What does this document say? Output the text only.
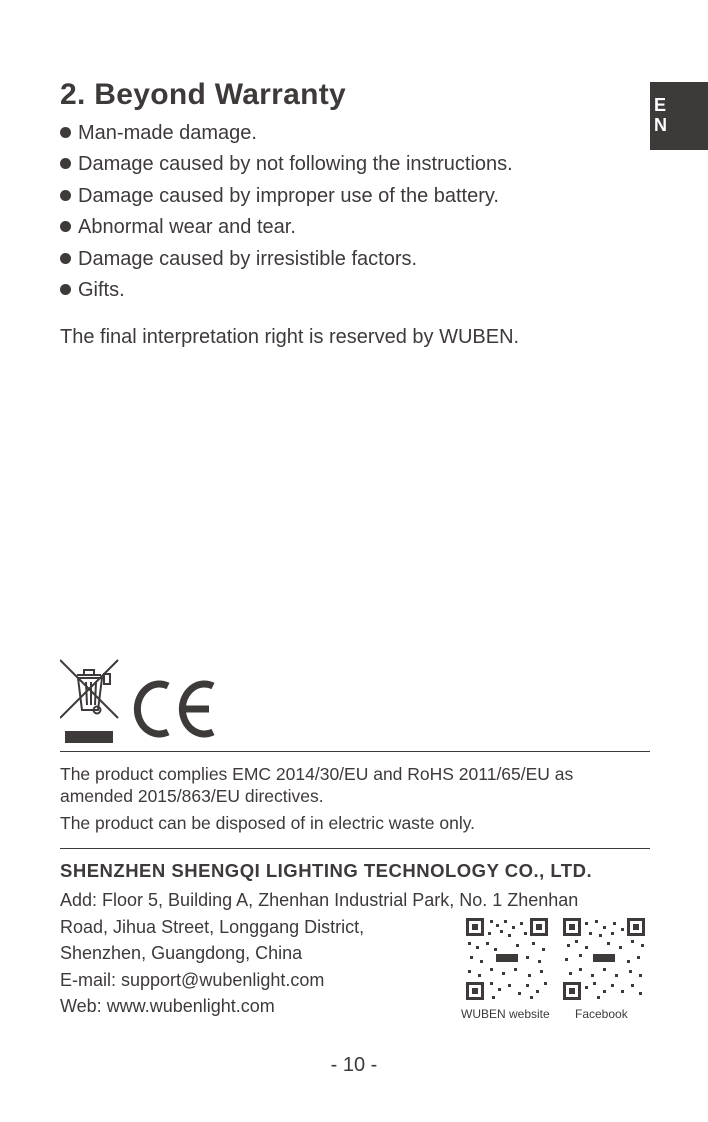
E
N
2. Beyond Warranty
Man-made damage.
Damage caused by not following the instructions.
Damage caused by improper use of the battery.
Abnormal wear and tear.
Damage caused by irresistible factors.
Gifts.
The final interpretation right is reserved by WUBEN.

The product complies EMC 2014/30/EU and RoHS 2011/65/EU as amended 2015/863/EU directives.

The product can be disposed of in electric waste only.

SHENZHEN SHENGQI LIGHTING TECHNOLOGY CO., LTD.
Add: Floor 5, Building A, Zhenhan Industrial Park, No. 1 Zhenhan
Road, Jihua Street, Longgang District,
Shenzhen, Guangdong, China
E-mail: support@wubenlight.com
Web: www.wubenlight.com	WUBEN website Facebook
- 10 -
